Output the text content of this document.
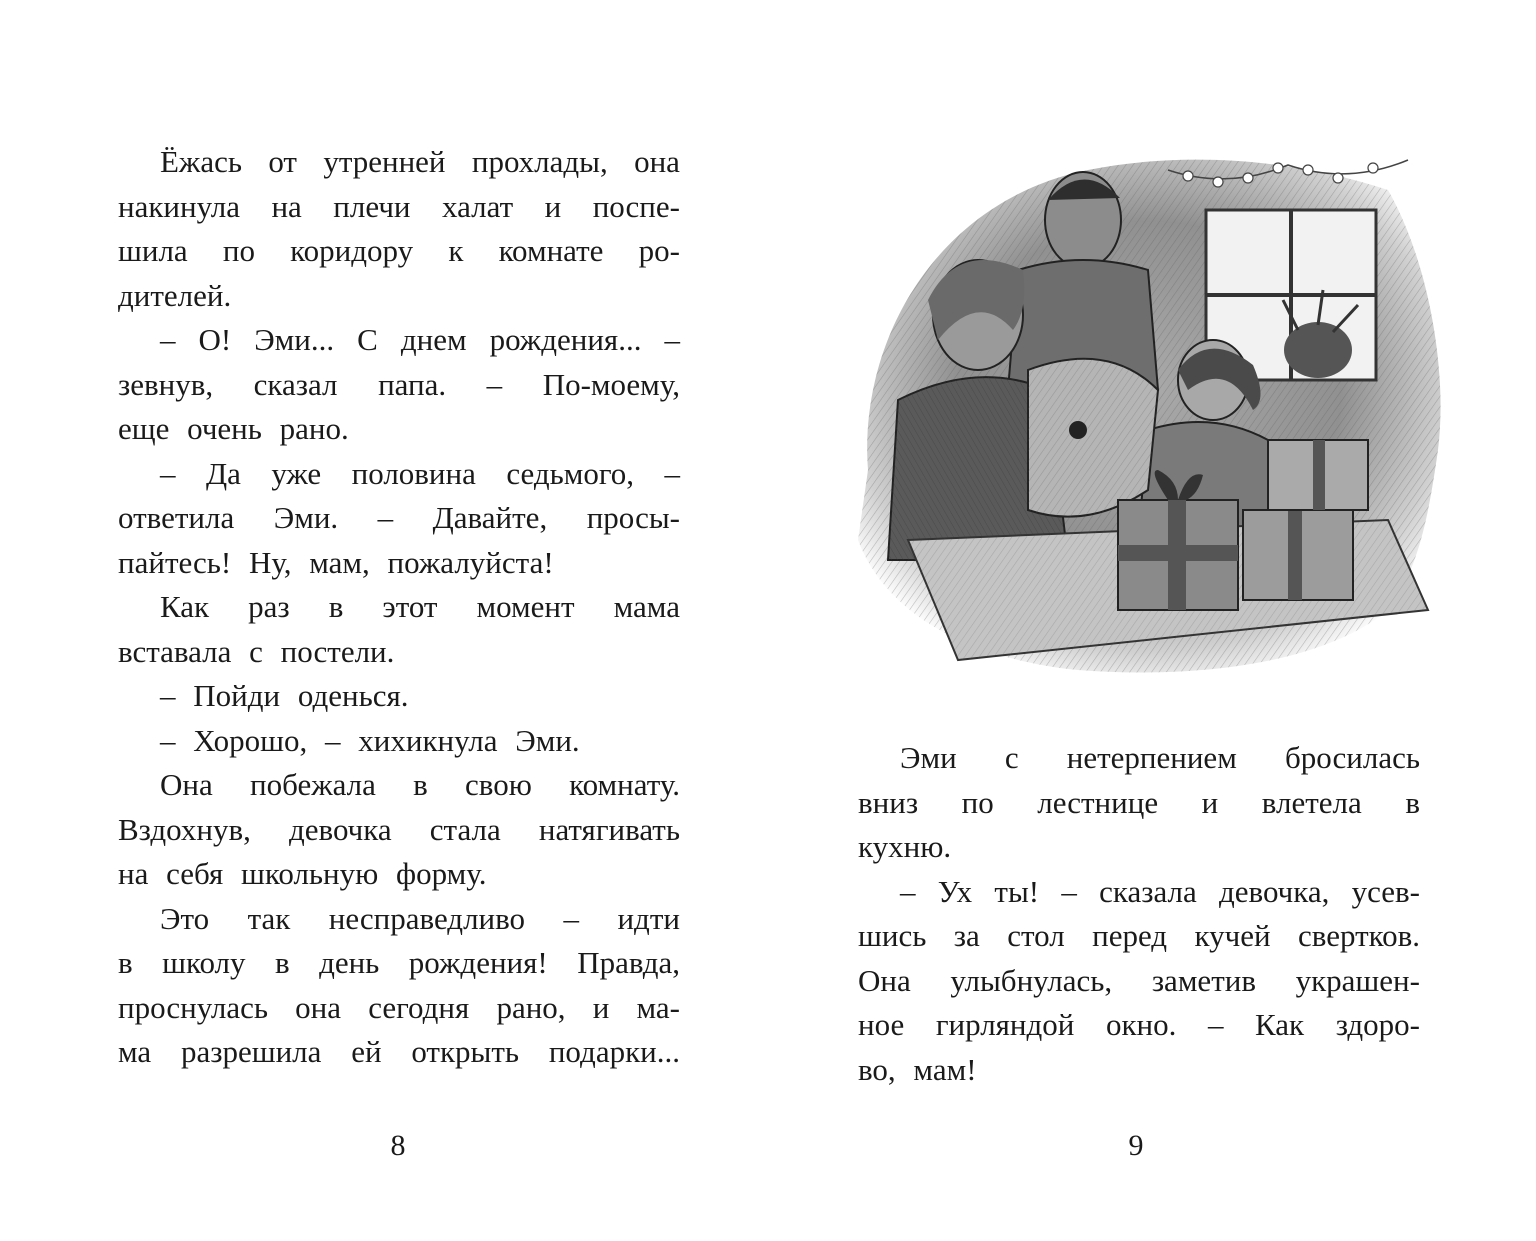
Ёжась от утренней прохлады, она
накинула на плечи халат и поспе-
шила по коридору к комнате ро-
дителей.
– О! Эми... С днем рождения... –
зевнув, сказал папа. – По-моему,
еще очень рано.
– Да уже половина седьмого, –
ответила Эми. – Давайте, просы-
пайтесь! Ну, мам, пожалуйста!
Как раз в этот момент мама
вставала с постели.
– Пойди оденься.
– Хорошо, – хихикнула Эми.
Она побежала в свою комнату.
Вздохнув, девочка стала натягивать
на себя школьную форму.
Это так несправедливо – идти
в школу в день рождения! Правда,
проснулась она сегодня рано, и ма-
ма разрешила ей открыть подарки...
8
Эми с нетерпением бросилась
вниз по лестнице и влетела в
кухню.
– Ух ты! – сказала девочка, усев-
шись за стол перед кучей свертков.
Она улыбнулась, заметив украшен-
ное гирляндой окно. – Как здоро-
во, мам!
9
